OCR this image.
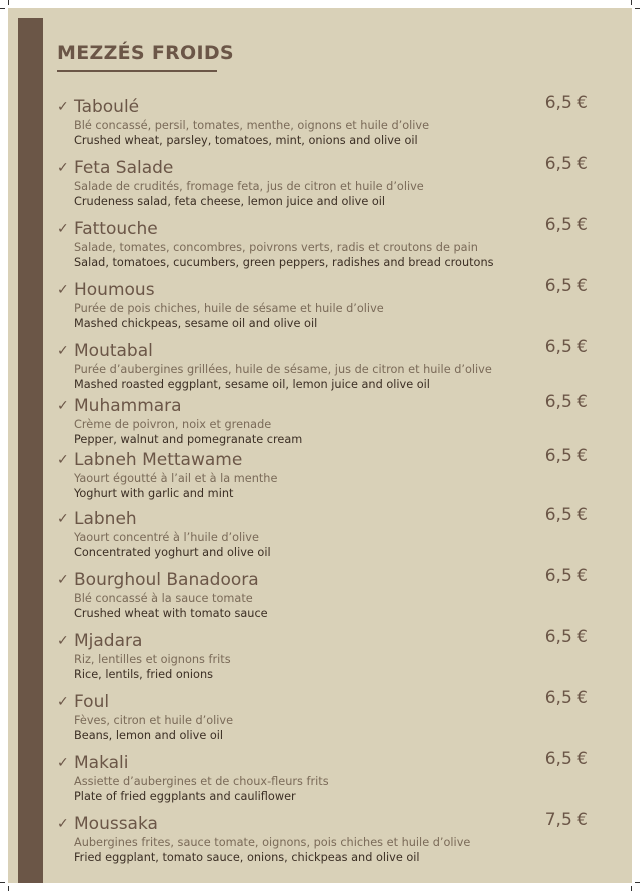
MEZZÉS FROIDS
✓ Taboulé
Blé concassé, persil, tomates, menthe, oignons et huile d’olive
Crushed wheat, parsley, tomatoes, mint, onions and olive oil
6,5 €
✓ Feta Salade
Salade de crudités, fromage feta, jus de citron et huile d’olive
Crudeness salad, feta cheese, lemon juice and olive oil
6,5 €
✓ Fattouche
Salade, tomates, concombres, poivrons verts, radis et croutons de pain
Salad, tomatoes, cucumbers, green peppers, radishes and bread croutons
6,5 €
✓ Houmous
Purée de pois chiches, huile de sésame et huile d’olive
Mashed chickpeas, sesame oil and olive oil
6,5 €
✓ Moutabal
Purée d’aubergines grillées, huile de sésame, jus de citron et huile d’olive
Mashed roasted eggplant, sesame oil, lemon juice and olive oil
6,5 €
✓ Muhammara
Crème de poivron, noix et grenade
Pepper, walnut and pomegranate cream
6,5 €
✓ Labneh Mettawame
Yaourt égoutté à l’ail et à la menthe
Yoghurt with garlic and mint
6,5 €
✓ Labneh
Yaourt concentré à l’huile d’olive
Concentrated yoghurt and olive oil
6,5 €
✓ Bourghoul Banadoora
Blé concassé à la sauce tomate
Crushed wheat with tomato sauce
6,5 €
✓ Mjadara
Riz, lentilles et oignons frits
Rice, lentils, fried onions
6,5 €
✓ Foul
Fèves, citron et huile d’olive
Beans, lemon and olive oil
6,5 €
✓ Makali
Assiette d’aubergines et de choux-fleurs frits
Plate of fried eggplants and cauliflower
6,5 €
✓ Moussaka
Aubergines frites, sauce tomate, oignons, pois chiches et huile d’olive
Fried eggplant, tomato sauce, onions, chickpeas and olive oil
7,5 €
